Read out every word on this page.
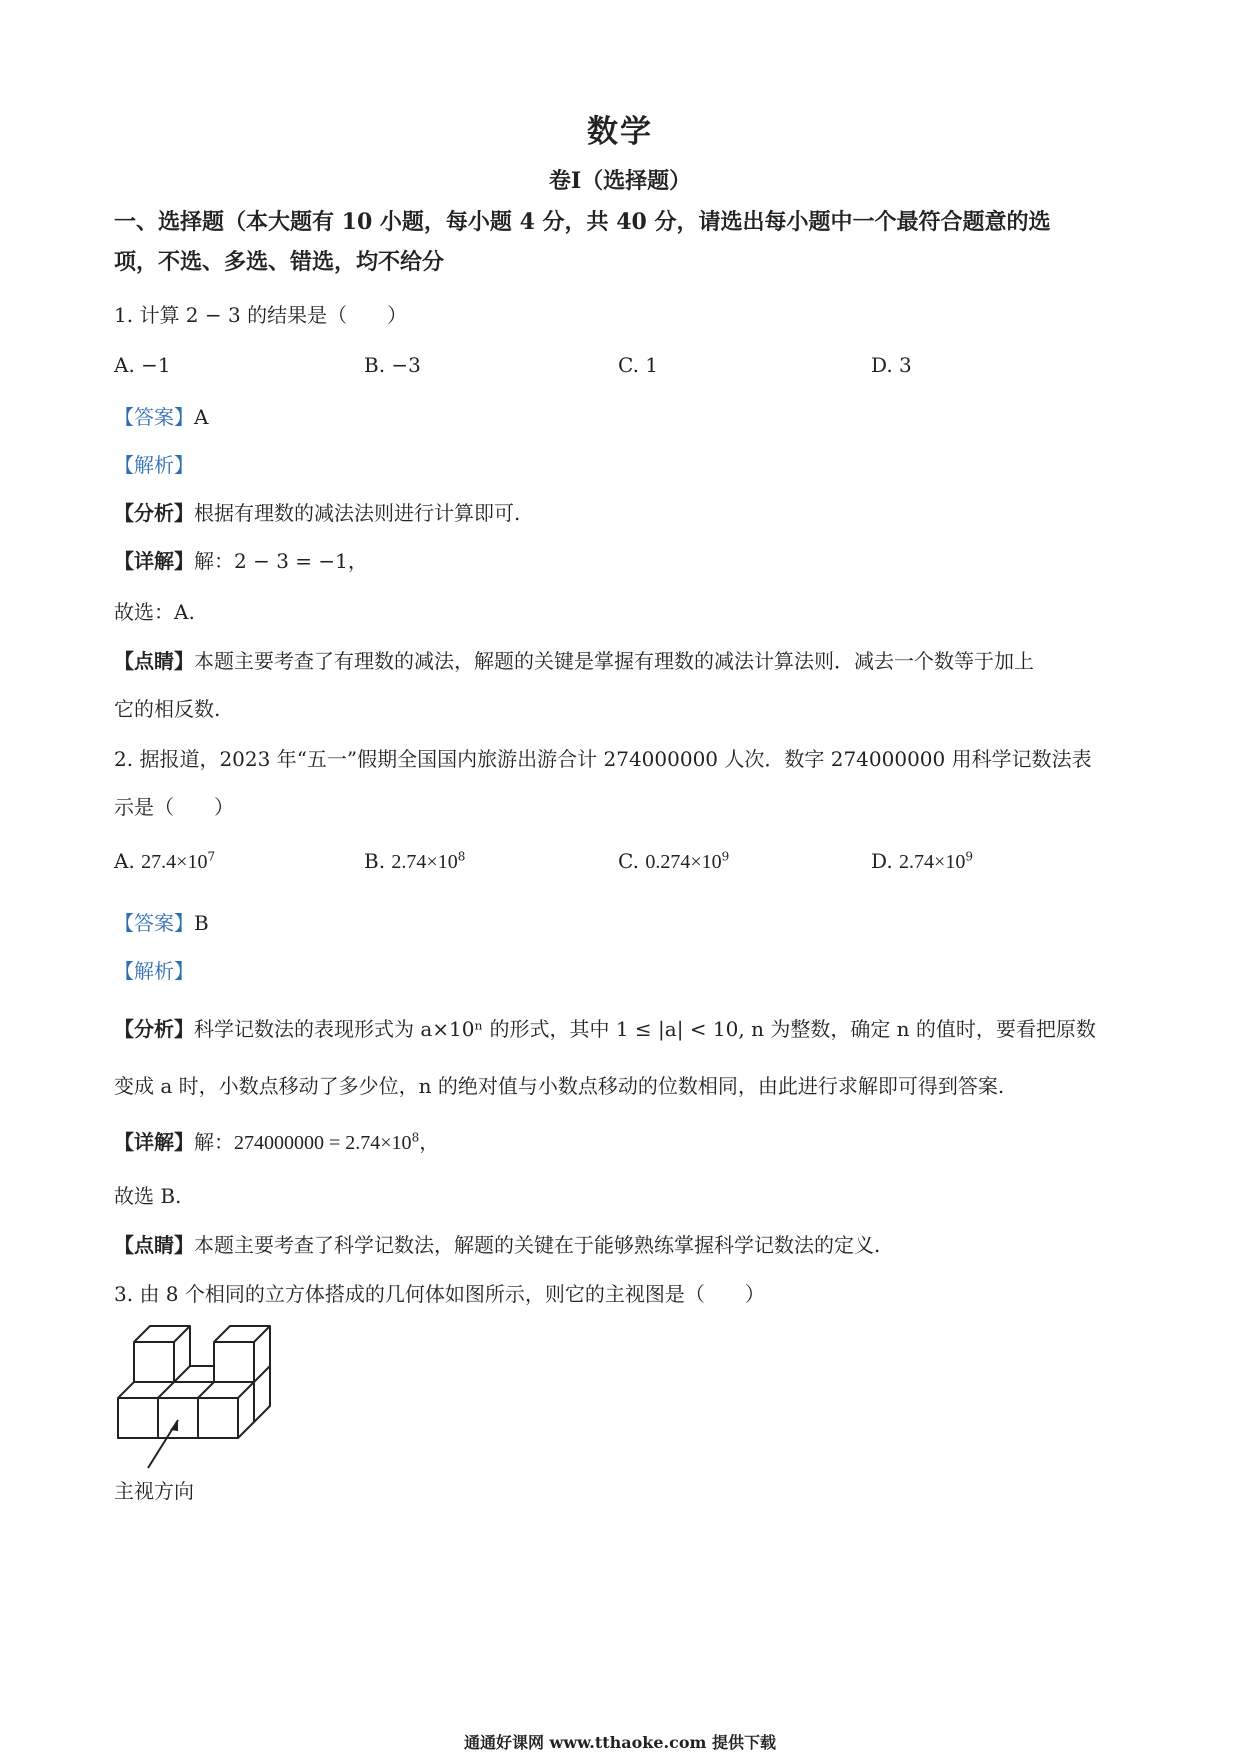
数学
卷Ⅰ（选择题）
一、选择题（本大题有 10 小题，每小题 4 分，共 40 分，请选出每小题中一个最符合题意的选
项，不选、多选、错选，均不给分
1. 计算 2 − 3 的结果是（　　）
A. −1	B. −3	C. 1	D. 3
【答案】A
【解析】
【分析】根据有理数的减法法则进行计算即可.
【详解】解：2 − 3 = −1，
故选：A.
【点睛】本题主要考查了有理数的减法，解题的关键是掌握有理数的减法计算法则．减去一个数等于加上
它的相反数.
2. 据报道，2023 年“五一”假期全国国内旅游出游合计 274000000 人次．数字 274000000 用科学记数法表
示是（　　）
A. $27.4\times 10^7$	B. $2.74\times 10^8$	C. $0.274\times 10^9$	D. $2.74\times 10^9$
【答案】B
【解析】
【分析】科学记数法的表现形式为 a×10ⁿ 的形式，其中 1 ≤ |a| < 10, n 为整数，确定 n 的值时，要看把原数
变成 a 时，小数点移动了多少位，n 的绝对值与小数点移动的位数相同，由此进行求解即可得到答案.
【详解】解：$274000000 = 2.74\times 10^8$，
故选 B.
【点睛】本题主要考查了科学记数法，解题的关键在于能够熟练掌握科学记数法的定义.
3. 由 8 个相同的立方体搭成的几何体如图所示，则它的主视图是（　　）
主视方向
通通好课网 www.tthaoke.com 提供下载
